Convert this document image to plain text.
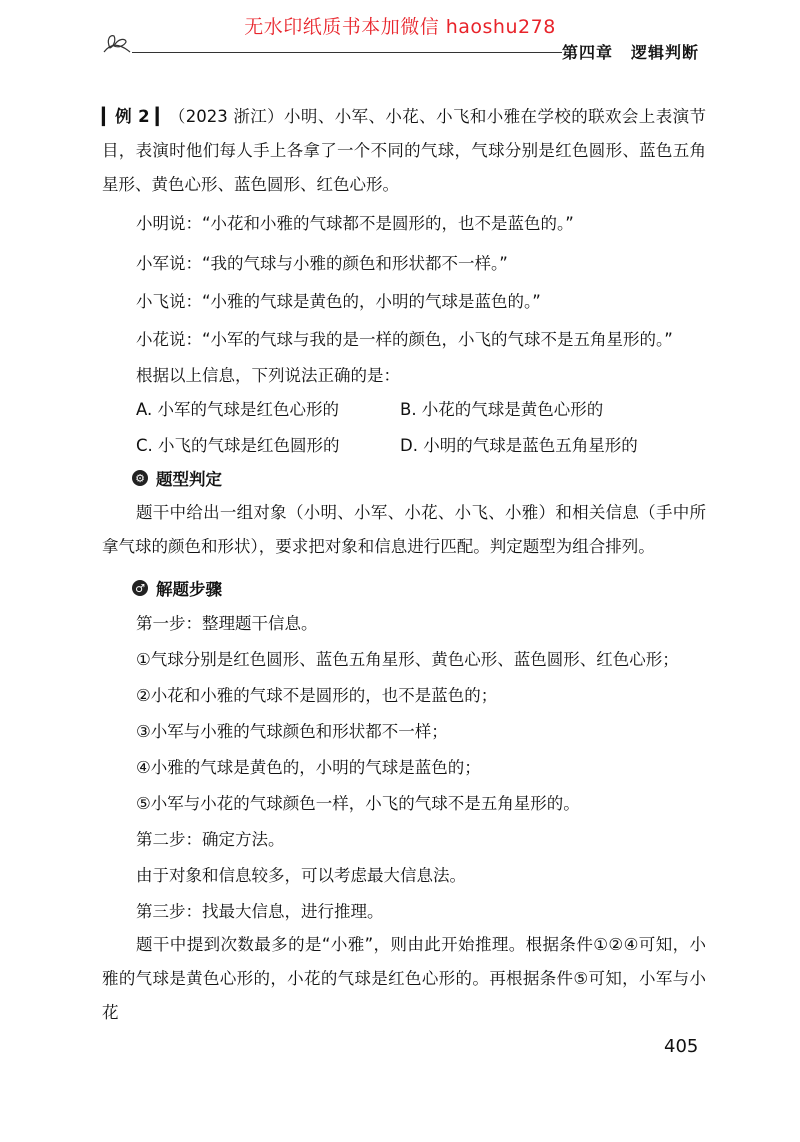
无水印纸质书本加微信 haoshu278
第四章 逻辑判断
▎例 2 ▎（2023 浙江）小明、小军、小花、小飞和小雅在学校的联欢会上表演节目，表演时他们每人手上各拿了一个不同的气球，气球分别是红色圆形、蓝色五角星形、黄色心形、蓝色圆形、红色心形。
小明说：“小花和小雅的气球都不是圆形的，也不是蓝色的。”
小军说：“我的气球与小雅的颜色和形状都不一样。”
小飞说：“小雅的气球是黄色的，小明的气球是蓝色的。”
小花说：“小军的气球与我的是一样的颜色，小飞的气球不是五角星形的。”
根据以上信息，下列说法正确的是：
A. 小军的气球是红色心形的	B. 小花的气球是黄色心形的
C. 小飞的气球是红色圆形的	D. 小明的气球是蓝色五角星形的
⚙ 题型判定
题干中给出一组对象（小明、小军、小花、小飞、小雅）和相关信息（手中所拿气球的颜色和形状），要求把对象和信息进行匹配。判定题型为组合排列。
♂ 解题步骤
第一步：整理题干信息。
①气球分别是红色圆形、蓝色五角星形、黄色心形、蓝色圆形、红色心形；
②小花和小雅的气球不是圆形的，也不是蓝色的；
③小军与小雅的气球颜色和形状都不一样；
④小雅的气球是黄色的，小明的气球是蓝色的；
⑤小军与小花的气球颜色一样，小飞的气球不是五角星形的。
第二步：确定方法。
由于对象和信息较多，可以考虑最大信息法。
第三步：找最大信息，进行推理。
题干中提到次数最多的是“小雅”，则由此开始推理。根据条件①②④可知，小雅的气球是黄色心形的，小花的气球是红色心形的。再根据条件⑤可知，小军与小花
405
